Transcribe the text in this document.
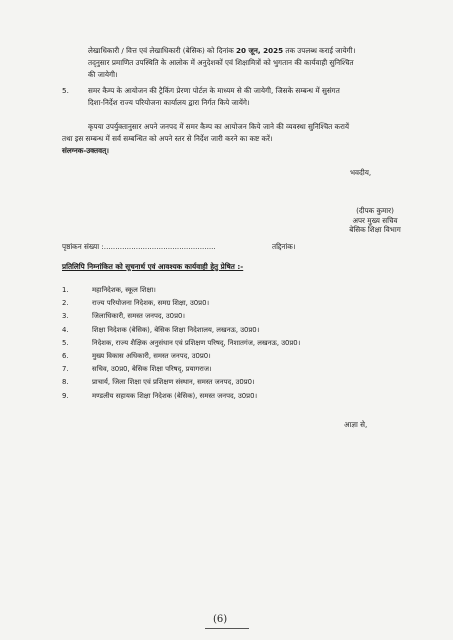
लेखाधिकारी / वित्त एवं लेखाधिकारी (बेसिक) को दिनांक 20 जून, 2025 तक उपलब्ध कराई जायेगी।
तद्नुसार प्रमाणित उपस्थिति के आलोक में अनुदेशकों एवं शिक्षामित्रों को भुगतान की कार्यवाही सुनिश्चित
की जायेगी।
5.	समर कैम्प के आयोजन की ट्रैकिंग प्रेरणा पोर्टल के माध्यम से की जायेगी, जिसके सम्बन्ध में सुसंगत
दिशा-निर्देश राज्य परियोजना कार्यालय द्वारा निर्गत किये जायेंगे।
कृपया उपर्युक्तानुसार अपने जनपद में समर कैम्प का आयोजन किये जाने की व्यवस्था सुनिश्चित करायें
तथा इस सम्बन्ध में सर्व सम्बन्धित को अपने स्तर से निर्देश जारी करने का कष्ट करें।
संलग्नक-उक्तवत्।
भवदीय,
(दीपक कुमार)
अपर मुख्य सचिव
बेसिक शिक्षा विभाग
पृष्ठांकन संख्या :.................................................	तद्दिनांक।
प्रतिलिपि निम्नांकित को सूचनार्थ एवं आवश्यक कार्यवाही हेतु प्रेषित :-
1.	महानिदेशक, स्कूल शिक्षा।
2.	राज्य परियोजना निदेशक, समग्र शिक्षा, उ0प्र0।
3.	जिलाधिकारी, समस्त जनपद, उ0प्र0।
4.	शिक्षा निदेशक (बेसिक), बेसिक शिक्षा निदेशालय, लखनऊ, उ0प्र0।
5.	निदेशक, राज्य शैक्षिक अनुसंधान एवं प्रशिक्षण परिषद्, निशातगंज, लखनऊ, उ0प्र0।
6.	मुख्य विकास अधिकारी, समस्त जनपद, उ0प्र0।
7.	सचिव, उ0प्र0, बेसिक शिक्षा परिषद्, प्रयागराज।
8.	प्राचार्य, जिला शिक्षा एवं प्रशिक्षण संस्थान, समस्त जनपद, उ0प्र0।
9.	मण्डलीय सहायक शिक्षा निदेशक (बेसिक), समस्त जनपद, उ0प्र0।
आज्ञा से,
(6)
